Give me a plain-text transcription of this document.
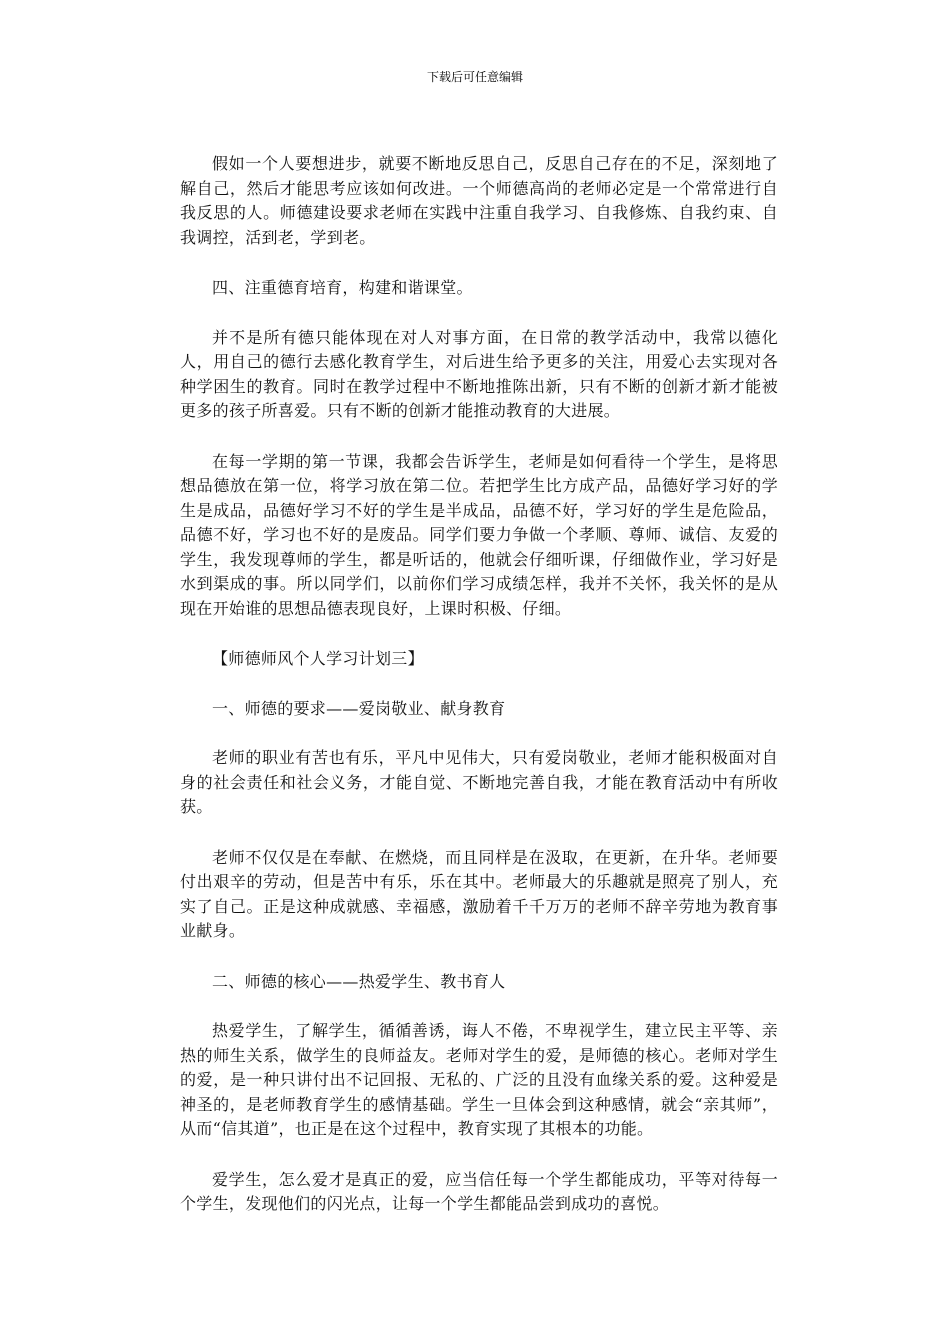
下载后可任意编辑

假如一个人要想进步，就要不断地反思自己，反思自己存在的不足，深刻地了解自己，然后才能思考应该如何改进。一个师德高尚的老师必定是一个常常进行自我反思的人。师德建设要求老师在实践中注重自我学习、自我修炼、自我约束、自我调控，活到老，学到老。

四、注重德育培育，构建和谐课堂。

并不是所有德只能体现在对人对事方面，在日常的教学活动中，我常以德化人，用自己的德行去感化教育学生，对后进生给予更多的关注，用爱心去实现对各种学困生的教育。同时在教学过程中不断地推陈出新，只有不断的创新才新才能被更多的孩子所喜爱。只有不断的创新才能推动教育的大进展。

在每一学期的第一节课，我都会告诉学生，老师是如何看待一个学生，是将思想品德放在第一位，将学习放在第二位。若把学生比方成产品，品德好学习好的学生是成品，品德好学习不好的学生是半成品，品德不好，学习好的学生是危险品，品德不好，学习也不好的是废品。同学们要力争做一个孝顺、尊师、诚信、友爱的学生，我发现尊师的学生，都是听话的，他就会仔细听课，仔细做作业，学习好是水到渠成的事。所以同学们，以前你们学习成绩怎样，我并不关怀，我关怀的是从现在开始谁的思想品德表现良好，上课时积极、仔细。

【师德师风个人学习计划三】

一、师德的要求——爱岗敬业、献身教育

老师的职业有苦也有乐，平凡中见伟大，只有爱岗敬业，老师才能积极面对自身的社会责任和社会义务，才能自觉、不断地完善自我，才能在教育活动中有所收获。

老师不仅仅是在奉献、在燃烧，而且同样是在汲取，在更新，在升华。老师要付出艰辛的劳动，但是苦中有乐，乐在其中。老师最大的乐趣就是照亮了别人，充实了自己。正是这种成就感、幸福感，激励着千千万万的老师不辞辛劳地为教育事业献身。

二、师德的核心——热爱学生、教书育人

热爱学生，了解学生，循循善诱，诲人不倦，不卑视学生，建立民主平等、亲热的师生关系，做学生的良师益友。老师对学生的爱，是师德的核心。老师对学生的爱，是一种只讲付出不记回报、无私的、广泛的且没有血缘关系的爱。这种爱是神圣的，是老师教育学生的感情基础。学生一旦体会到这种感情，就会“亲其师”，从而“信其道”，也正是在这个过程中，教育实现了其根本的功能。

爱学生，怎么爱才是真正的爱，应当信任每一个学生都能成功，平等对待每一个学生，发现他们的闪光点，让每一个学生都能品尝到成功的喜悦。
